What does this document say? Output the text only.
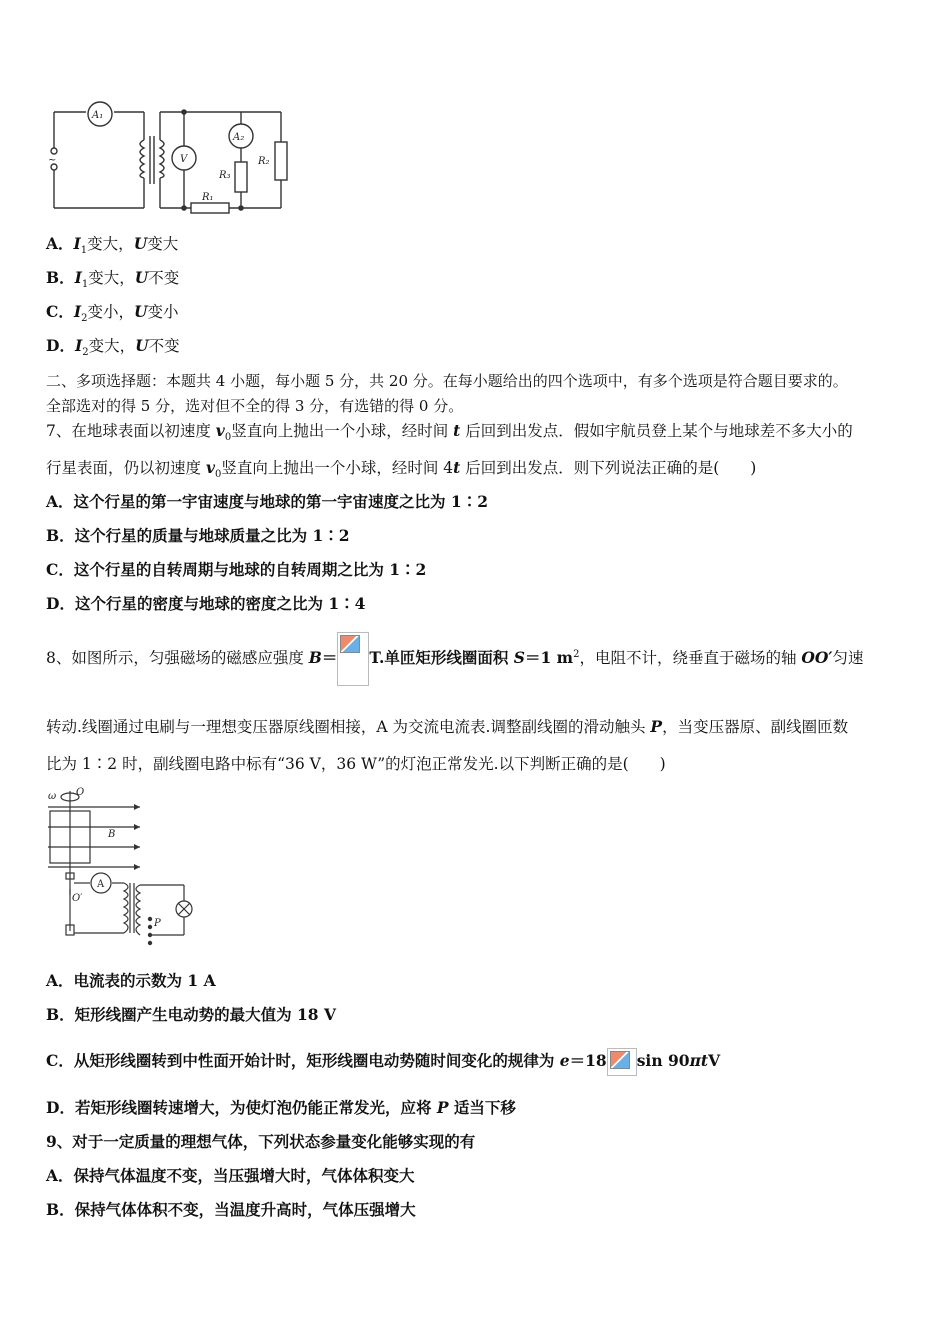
A₁
V
A₂
R₃
R₂
R₁
~
A．$I_1$变大，U变大
B．$I_1$变大，U不变
C．$I_2$变小，U变小
D．$I_2$变大，U不变
二、多项选择题：本题共 4 小题，每小题 5 分，共 20 分。在每小题给出的四个选项中，有多个选项是符合题目要求的。
全部选对的得 5 分，选对但不全的得 3 分，有选错的得 0 分。
7、在地球表面以初速度 $v_0$竖直向上抛出一个小球，经时间 t 后回到出发点．假如宇航员登上某个与地球差不多大小的
行星表面，仍以初速度 $v_0$竖直向上抛出一个小球，经时间 4t 后回到出发点．则下列说法正确的是(　　)
A．这个行星的第一宇宙速度与地球的第一宇宙速度之比为 1∶2
B．这个行星的质量与地球质量之比为 1∶2
C．这个行星的自转周期与地球的自转周期之比为 1∶2
D．这个行星的密度与地球的密度之比为 1∶4
8、如图所示，匀强磁场的磁感应强度 B＝ T.单匝矩形线圈面积 S＝1 $m^2$，电阻不计，绕垂直于磁场的轴 OO′匀速
转动.线圈通过电刷与一理想变压器原线圈相接，A 为交流电流表.调整副线圈的滑动触头 P，当变压器原、副线圈匝数
比为 1∶2 时，副线圈电路中标有“36 V，36 W”的灯泡正常发光.以下判断正确的是(　　)
ω O
B
A
O′
P
A．电流表的示数为 1 A
B．矩形线圈产生电动势的最大值为 18 V
C．从矩形线圈转到中性面开始计时，矩形线圈电动势随时间变化的规律为 e＝18 sin 90πtV
D．若矩形线圈转速增大，为使灯泡仍能正常发光，应将 P 适当下移
9、对于一定质量的理想气体，下列状态参量变化能够实现的有
A．保持气体温度不变，当压强增大时，气体体积变大
B．保持气体体积不变，当温度升高时，气体压强增大
